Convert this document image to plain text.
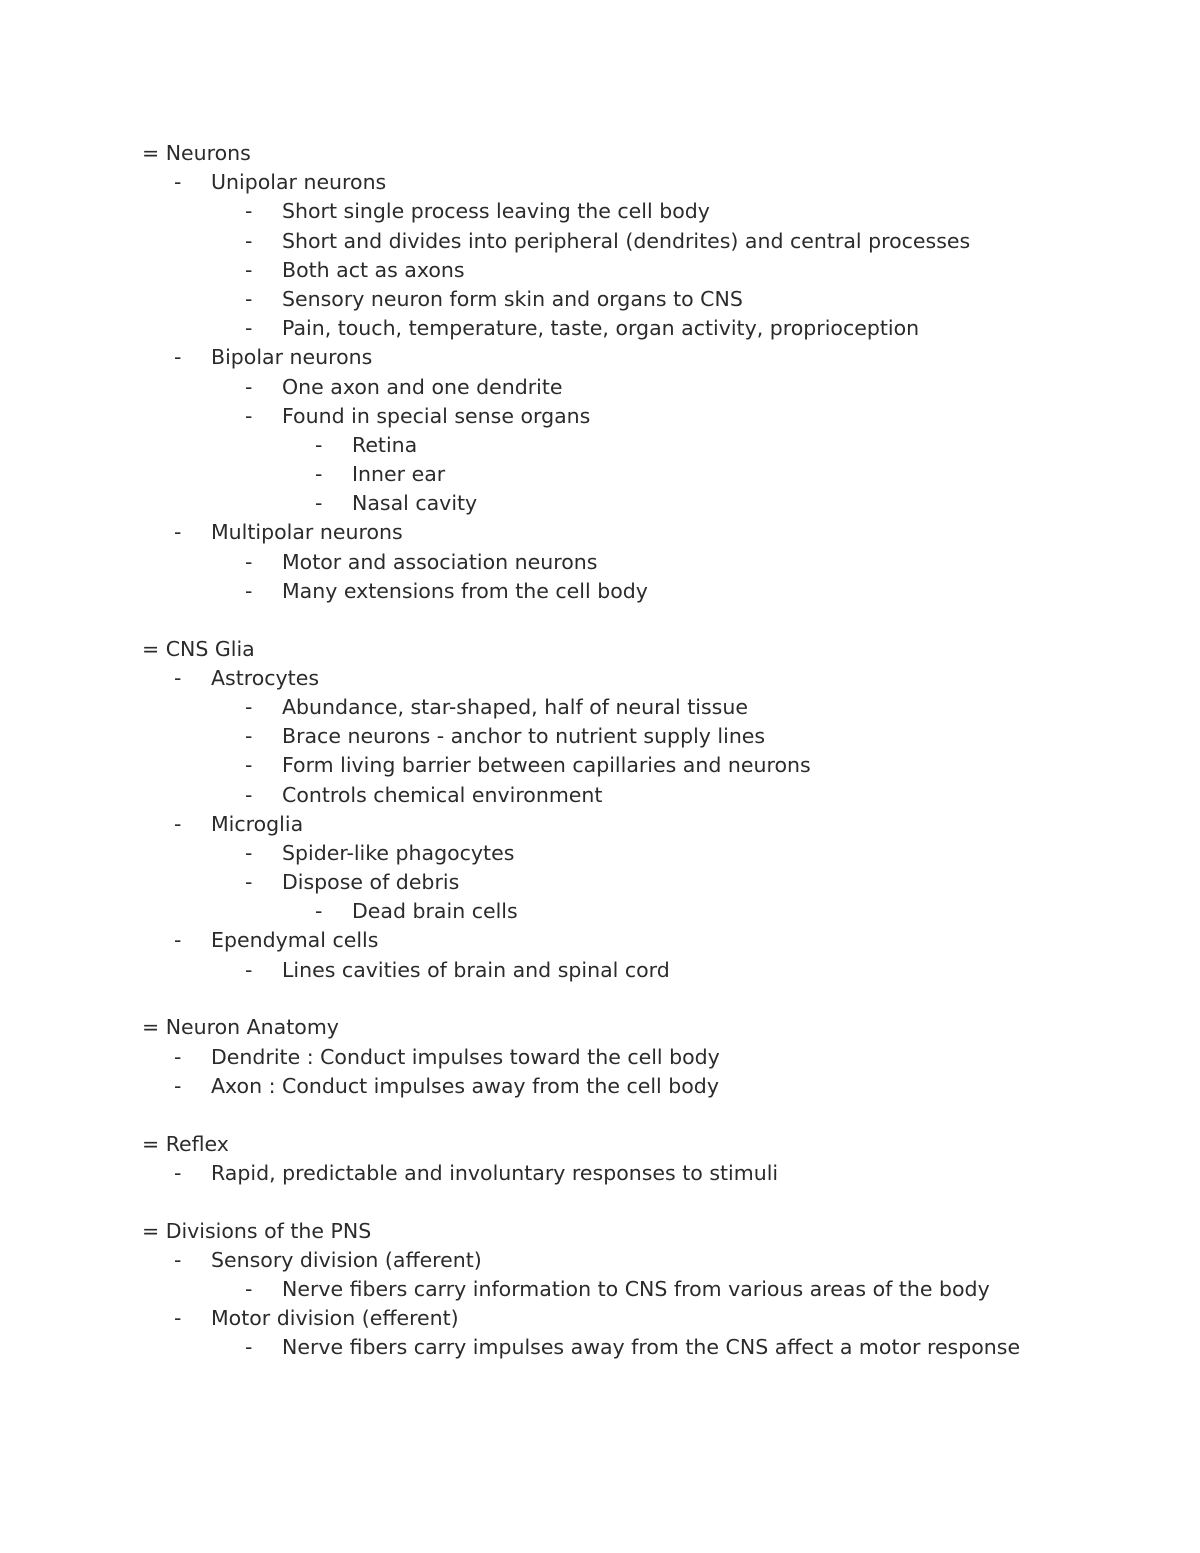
= Neurons
- Unipolar neurons
- Short single process leaving the cell body
- Short and divides into peripheral (dendrites) and central processes
- Both act as axons
- Sensory neuron form skin and organs to CNS
- Pain, touch, temperature, taste, organ activity, proprioception
- Bipolar neurons
- One axon and one dendrite
- Found in special sense organs
- Retina
- Inner ear
- Nasal cavity
- Multipolar neurons
- Motor and association neurons
- Many extensions from the cell body
= CNS Glia
- Astrocytes
- Abundance, star-shaped, half of neural tissue
- Brace neurons - anchor to nutrient supply lines
- Form living barrier between capillaries and neurons
- Controls chemical environment
- Microglia
- Spider-like phagocytes
- Dispose of debris
- Dead brain cells
- Ependymal cells
- Lines cavities of brain and spinal cord
= Neuron Anatomy
- Dendrite : Conduct impulses toward the cell body
- Axon : Conduct impulses away from the cell body
= Reflex
- Rapid, predictable and involuntary responses to stimuli
= Divisions of the PNS
- Sensory division (afferent)
- Nerve fibers carry information to CNS from various areas of the body
- Motor division (efferent)
- Nerve fibers carry impulses away from the CNS affect a motor response
